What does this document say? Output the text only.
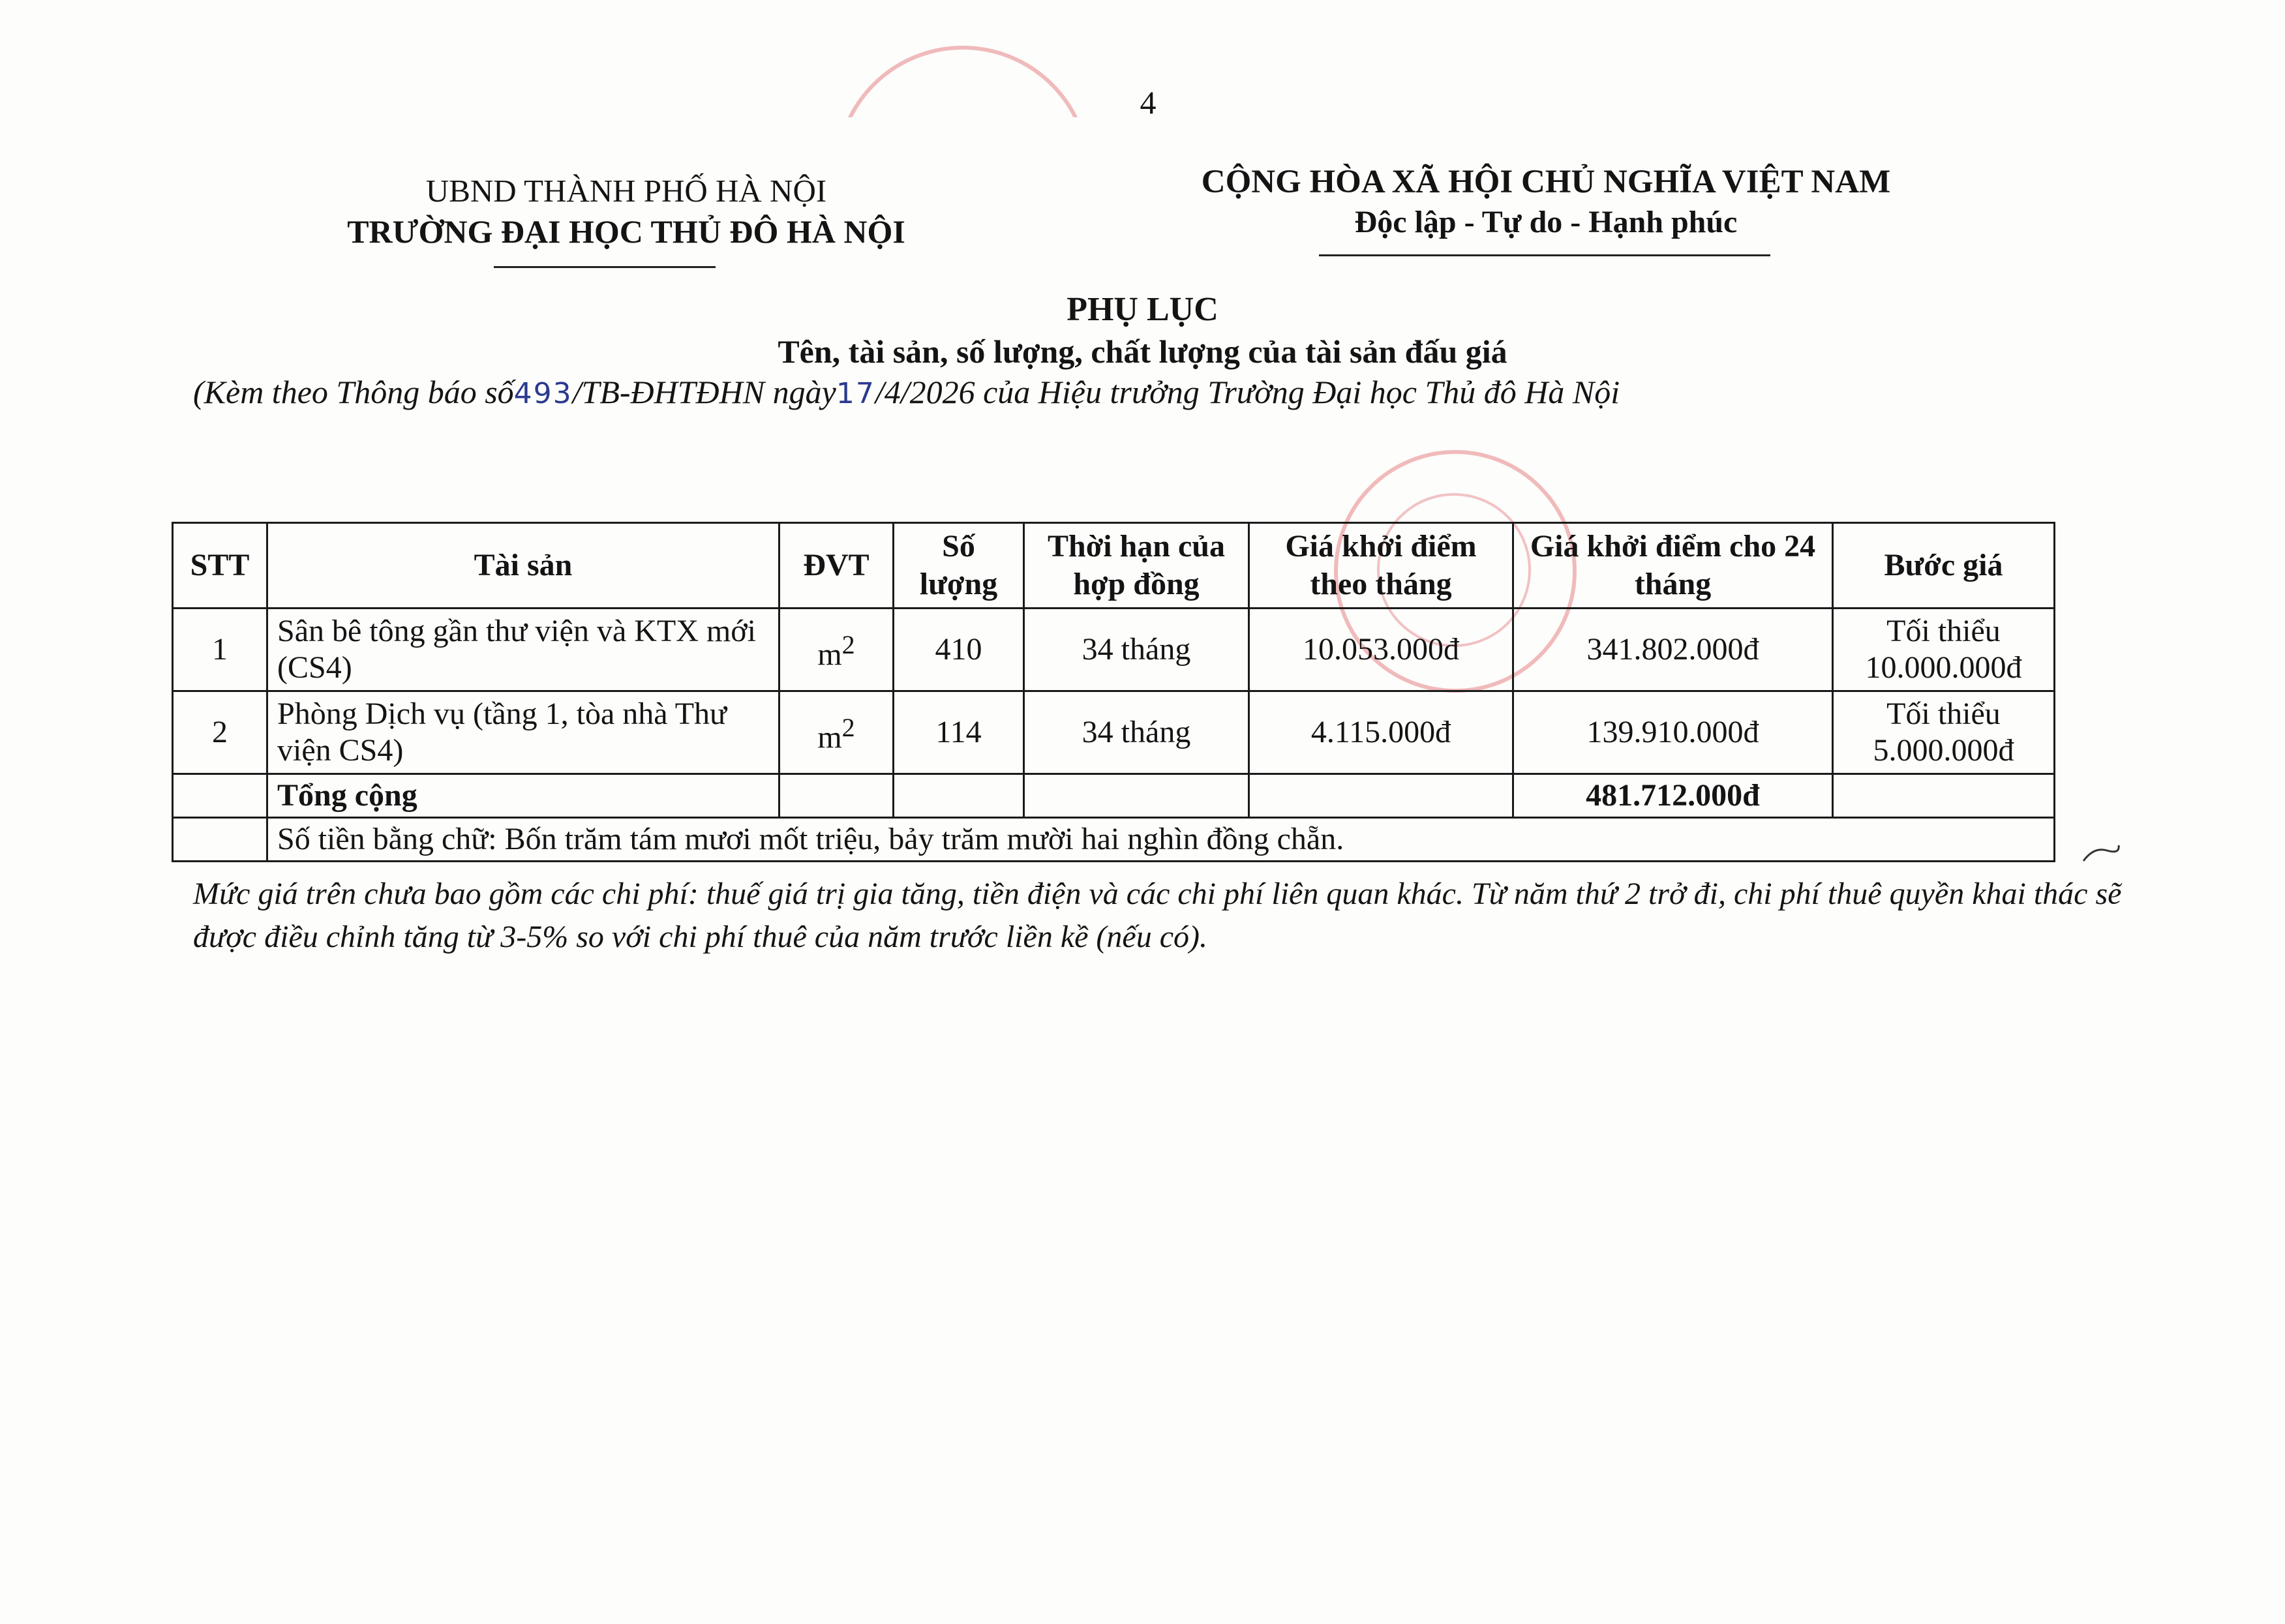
4
UBND THÀNH PHỐ HÀ NỘI
TRƯỜNG ĐẠI HỌC THỦ ĐÔ HÀ NỘI
CỘNG HÒA XÃ HỘI CHỦ NGHĨA VIỆT NAM
Độc lập - Tự do - Hạnh phúc
PHỤ LỤC
Tên, tài sản, số lượng, chất lượng của tài sản đấu giá
(Kèm theo Thông báo số493/TB-ĐHTĐHN ngày17/4/2026 của Hiệu trưởng Trường Đại học Thủ đô Hà Nội
STT	Tài sản	ĐVT	Số lượng	Thời hạn của hợp đồng	Giá khởi điểm theo tháng	Giá khởi điểm cho 24 tháng	Bước giá
1	Sân bê tông gần thư viện và KTX mới (CS4)	$m^2$	410	34 tháng	10.053.000đ	341.802.000đ	Tối thiểu 10.000.000đ
2	Phòng Dịch vụ (tầng 1, tòa nhà Thư viện CS4)	$m^2$	114	34 tháng	4.115.000đ	139.910.000đ	Tối thiểu 5.000.000đ
	Tổng cộng					481.712.000đ	
	Số tiền bằng chữ: Bốn trăm tám mươi mốt triệu, bảy trăm mười hai nghìn đồng chẵn.						
Mức giá trên chưa bao gồm các chi phí: thuế giá trị gia tăng, tiền điện và các chi phí liên quan khác. Từ năm thứ 2 trở đi, chi phí thuê quyền khai thác sẽ được điều chỉnh tăng từ 3-5% so với chi phí thuê của năm trước liền kề (nếu có).
